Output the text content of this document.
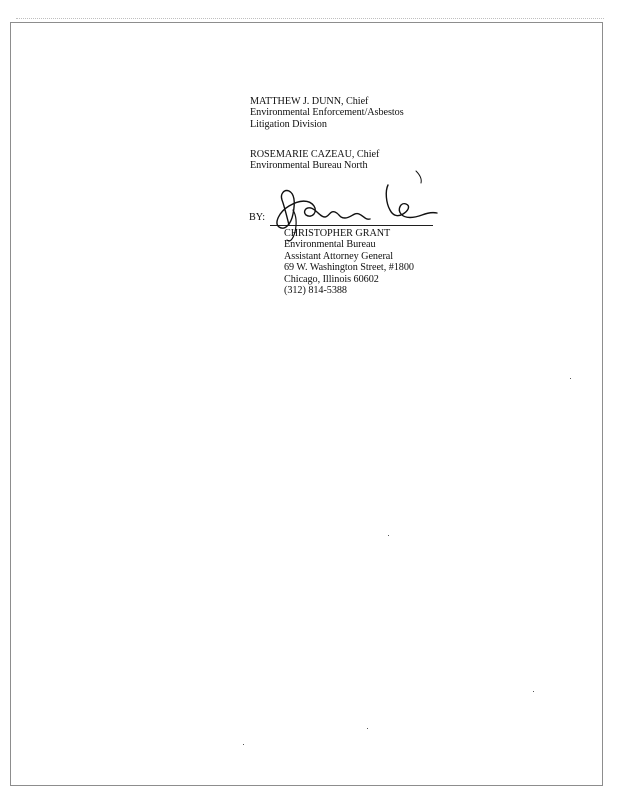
MATTHEW J. DUNN, Chief
Environmental Enforcement/Asbestos
Litigation Division
ROSEMARIE CAZEAU, Chief
Environmental Bureau North
BY:
CHRISTOPHER GRANT
Environmental Bureau
Assistant Attorney General
69 W. Washington Street, #1800
Chicago, Illinois 60602
(312) 814-5388
